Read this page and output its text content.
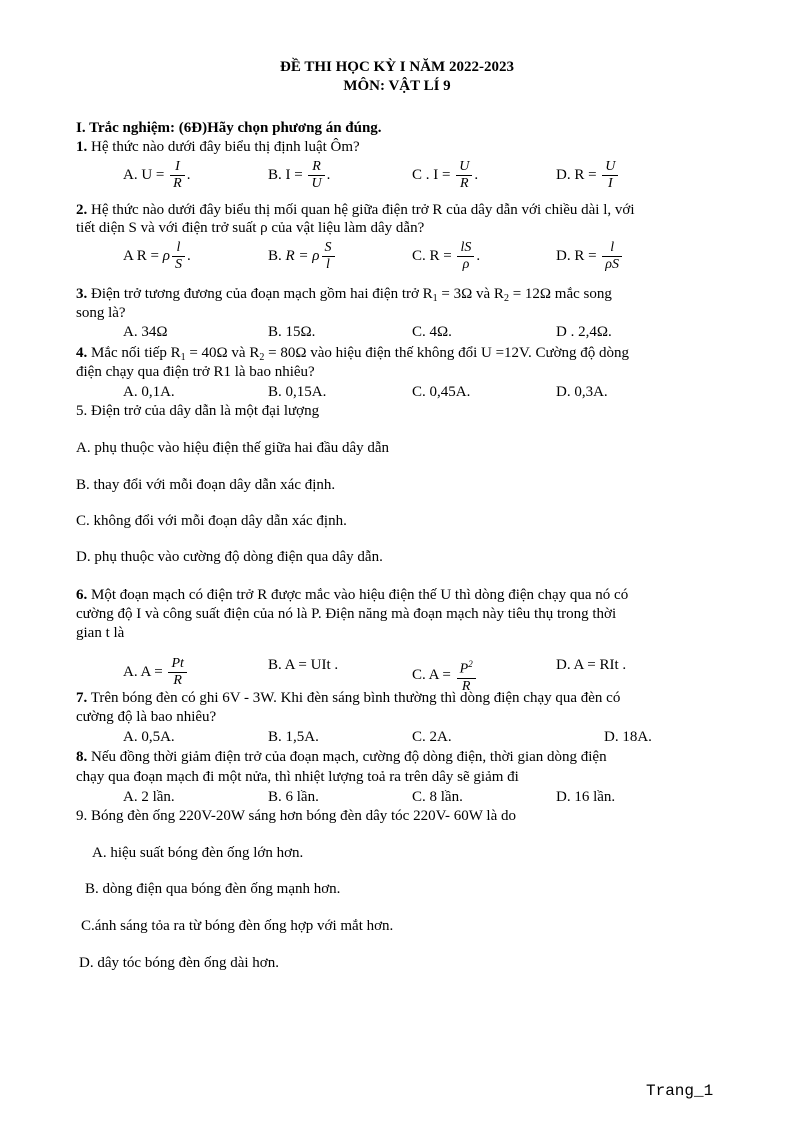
ĐỀ THI HỌC KỲ I NĂM 2022-2023
MÔN: VẬT LÍ 9
I. Trắc nghiệm: (6Đ)Hãy chọn phương án đúng.
1. Hệ thức nào dưới đây biểu thị định luật Ôm?
A. $U = \frac{I}{R}$ .	B. $I = \frac{R}{U}$ .	C . $I = \frac{U}{R}$ .	D. $R = \frac{U}{I}$
2. Hệ thức nào dưới đây biểu thị mối quan hệ giữa điện trở R của dây dẫn với chiều dài l, với
tiết diện S và với điện trở suất ρ của vật liệu làm dây dẫn?
A R = ρ $\frac{l}{S}$ .	B. R = ρ $\frac{S}{l}$	C. $R = \frac{lS}{\rho}$ .	D. $R = \frac{l}{\rho S}$
3. Điện trở tương đương của đoạn mạch gồm hai điện trở $R_1 = 3\Omega$ và $R_2 = 12\Omega$ mắc song
song là?
A. 34Ω	B. 15Ω.	C. 4Ω.	D . 2,4Ω.
4. Mắc nối tiếp $R_1 = 40\Omega$ và $R_2 = 80\Omega$ vào hiệu điện thế không đổi U =12V. Cường độ dòng
điện chạy qua điện trở R1 là bao nhiêu?
A. 0,1A.	B. 0,15A.	C. 0,45A.	D. 0,3A.
5. Điện trở của dây dẫn là một đại lượng
A. phụ thuộc vào hiệu điện thế giữa hai đầu dây dẫn
B. thay đổi với mỗi đoạn dây dẫn xác định.
C. không đổi với mỗi đoạn dây dẫn xác định.
D. phụ thuộc vào cường độ dòng điện qua dây dẫn.
6. Một đoạn mạch có điện trở R được mắc vào hiệu điện thế U thì dòng điện chạy qua nó có
cường độ I và công suất điện của nó là P. Điện năng mà đoạn mạch này tiêu thụ trong thời
gian t là
A. $A = \frac{Pt}{R}$	B. A = UIt .
C. $A = \frac{P^2}{R}$	D. A = RIt .
7. Trên bóng đèn có ghi 6V - 3W. Khi đèn sáng bình thường thì dòng điện chạy qua đèn có
cường độ là bao nhiêu?
A. 0,5A.	B. 1,5A.	C. 2A.	D. 18A.
8. Nếu đồng thời giảm điện trở của đoạn mạch, cường độ dòng điện, thời gian dòng điện
chạy qua đoạn mạch đi một nửa, thì nhiệt lượng toả ra trên dây sẽ giảm đi
A. 2 lần.	B. 6 lần.	C. 8 lần.	D. 16 lần.
9. Bóng đèn ống 220V-20W sáng hơn bóng đèn dây tóc 220V- 60W là do
A. hiệu suất bóng đèn ống lớn hơn.
B. dòng điện qua bóng đèn ống mạnh hơn.
C.ánh sáng tỏa ra từ bóng đèn ống hợp với mắt hơn.
D. dây tóc bóng đèn ống dài hơn.
Trang_1
